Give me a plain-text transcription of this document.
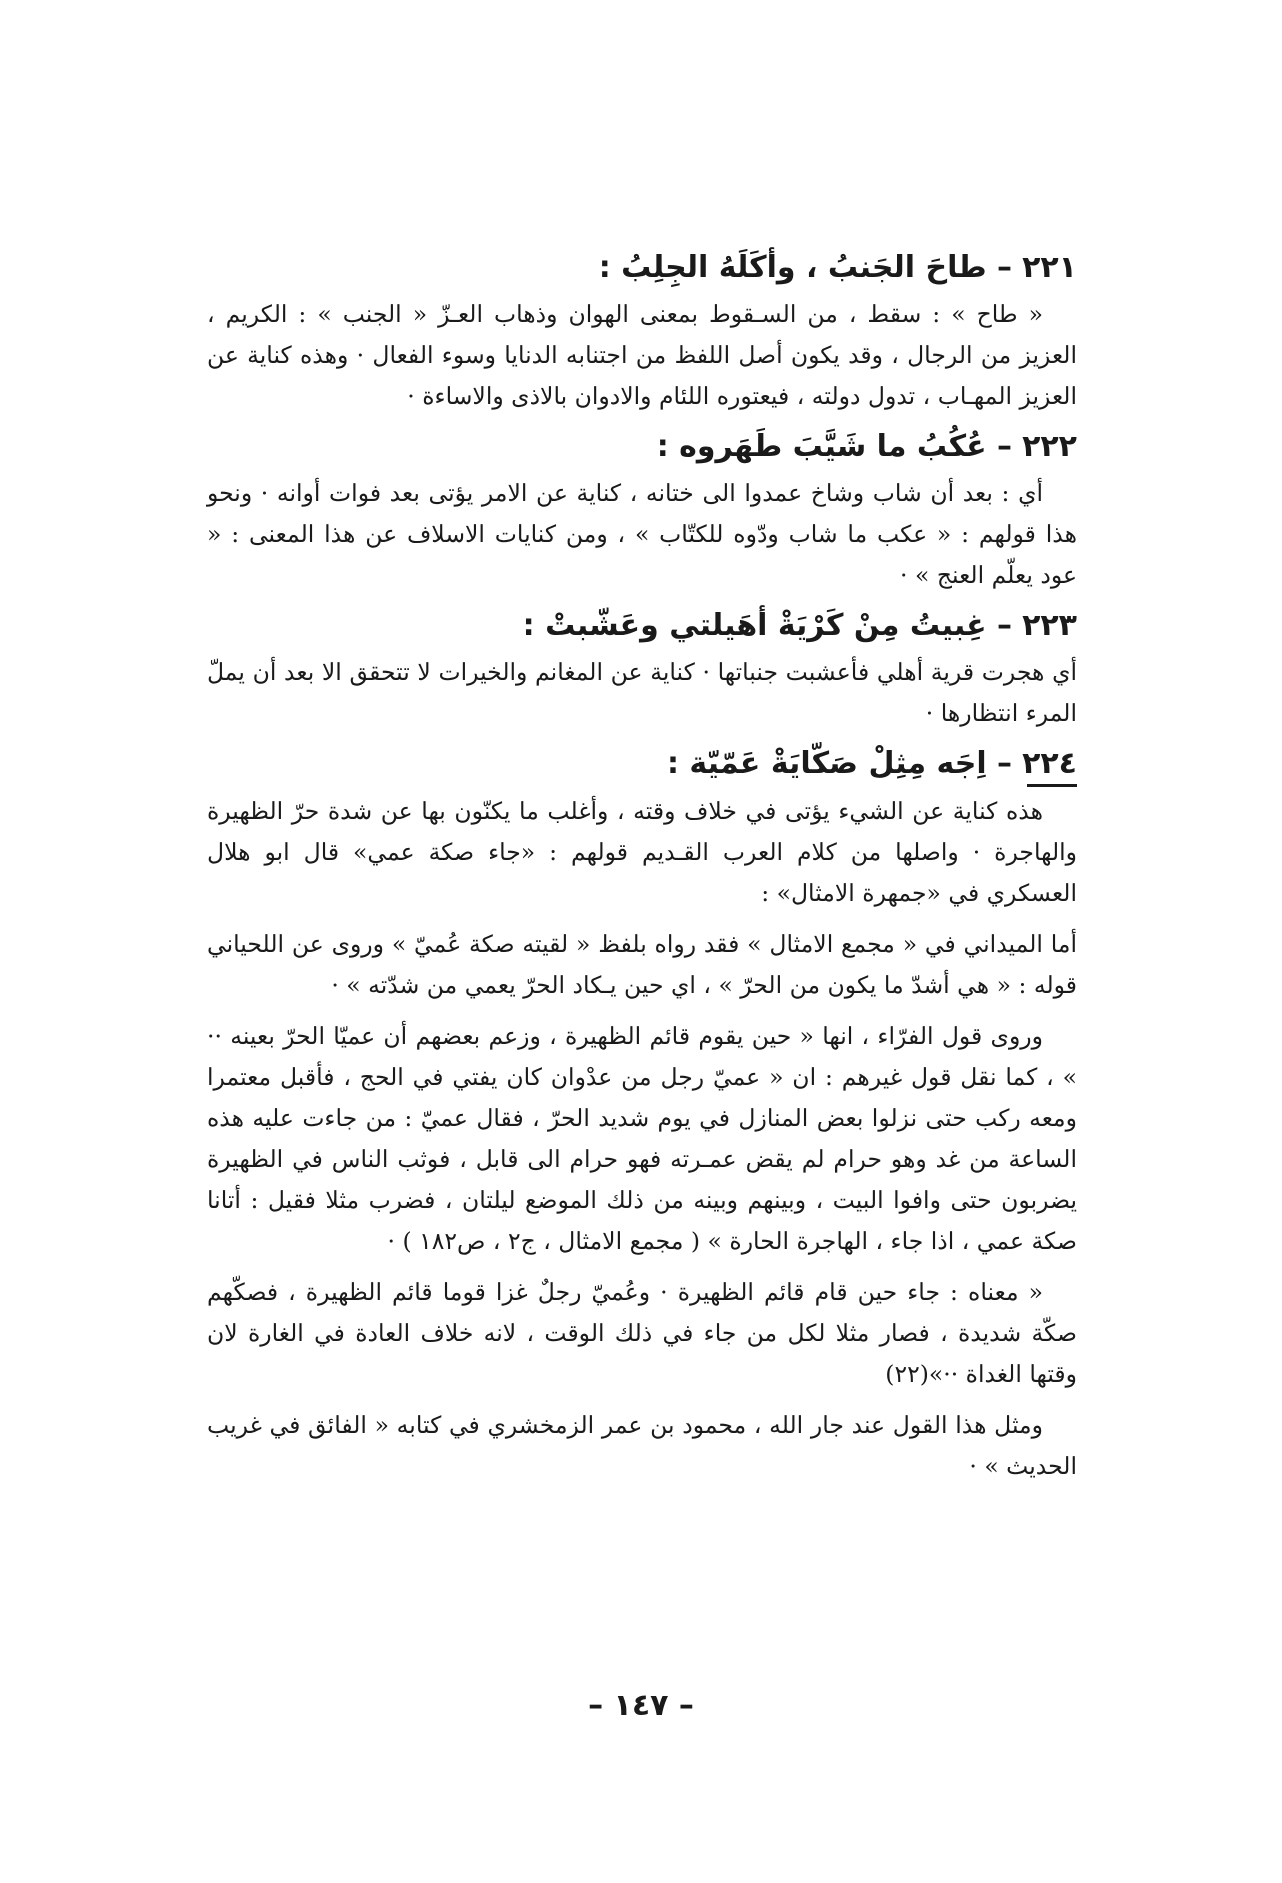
٢٢١– طاحَ الجَنبُ ، وأكَلَهُ الجِلِبُ :

« طاح » : سقط ، من السـقوط بمعنى الهوان وذهاب العـزّ « الجنب » : الكريم ، العزيز من الرجال ، وقد يكون أصل اللفظ من اجتنابه الدنايا وسوء الفعال · وهذه كناية عن العزيز المهـاب ، تدول دولته ، فيعتوره اللئام والادوان بالاذى والاساءة ·

٢٢٢– عُكُبُ ما شَيَّبَ طَهَروه :

أي : بعد أن شاب وشاخ عمدوا الى ختانه ، كناية عن الامر يؤتى بعد فوات أوانه · ونحو هذا قولهم : « عكب ما شاب ودّوه للكتّاب » ، ومن كنايات الاسلاف عن هذا المعنى : « عود يعلّم العنج » ·

٢٢٣– غِبيتُ مِنْ كَرْيَةْ أهَيلتي وعَشّبتْ :

أي هجرت قرية أهلي فأعشبت جنباتها · كناية عن المغانم والخيرات لا تتحقق الا بعد أن يملّ المرء انتظارها ·

٢٢٤– اِجَه مِثِلْ صَكّايَةْ عَمّيّة :

هذه كناية عن الشيء يؤتى في خلاف وقته ، وأغلب ما يكنّون بها عن شدة حرّ الظهيرة والهاجرة · واصلها من كلام العرب القـديم قولهم : «جاء صكة عمي» قال ابو هلال العسكري في «جمهرة الامثال» :

أما الميداني في « مجمع الامثال » فقد رواه بلفظ « لقيته صكة عُميّ » وروى عن اللحياني قوله : « هي أشدّ ما يكون من الحرّ » ، اي حين يـكاد الحرّ يعمي من شدّته » ·

وروى قول الفرّاء ، انها « حين يقوم قائم الظهيرة ، وزعم بعضهم أن عميّا الحرّ بعينه ·· » ، كما نقل قول غيرهم : ان « عميّ رجل من عدْوان كان يفتي في الحج ، فأقبل معتمرا ومعه ركب حتى نزلوا بعض المنازل في يوم شديد الحرّ ، فقال عميّ : من جاءت عليه هذه الساعة من غد وهو حرام لم يقض عمـرته فهو حرام الى قابل ، فوثب الناس في الظهيرة يضربون حتى وافوا البيت ، وبينهم وبينه من ذلك الموضع ليلتان ، فضرب مثلا فقيل : أتانا صكة عمي ، اذا جاء ، الهاجرة الحارة » ( مجمع الامثال ، ج٢ ، ص١٨٢ ) ·

« معناه : جاء حين قام قائم الظهيرة · وعُميّ رجلٌ غزا قوما قائم الظهيرة ، فصكّهم صكّة شديدة ، فصار مثلا لكل من جاء في ذلك الوقت ، لانه خلاف العادة في الغارة لان وقتها الغداة ··»(٢٢)

ومثل هذا القول عند جار الله ، محمود بن عمر الزمخشري في كتابه « الفائق في غريب الحديث » ·

– ١٤٧ –
